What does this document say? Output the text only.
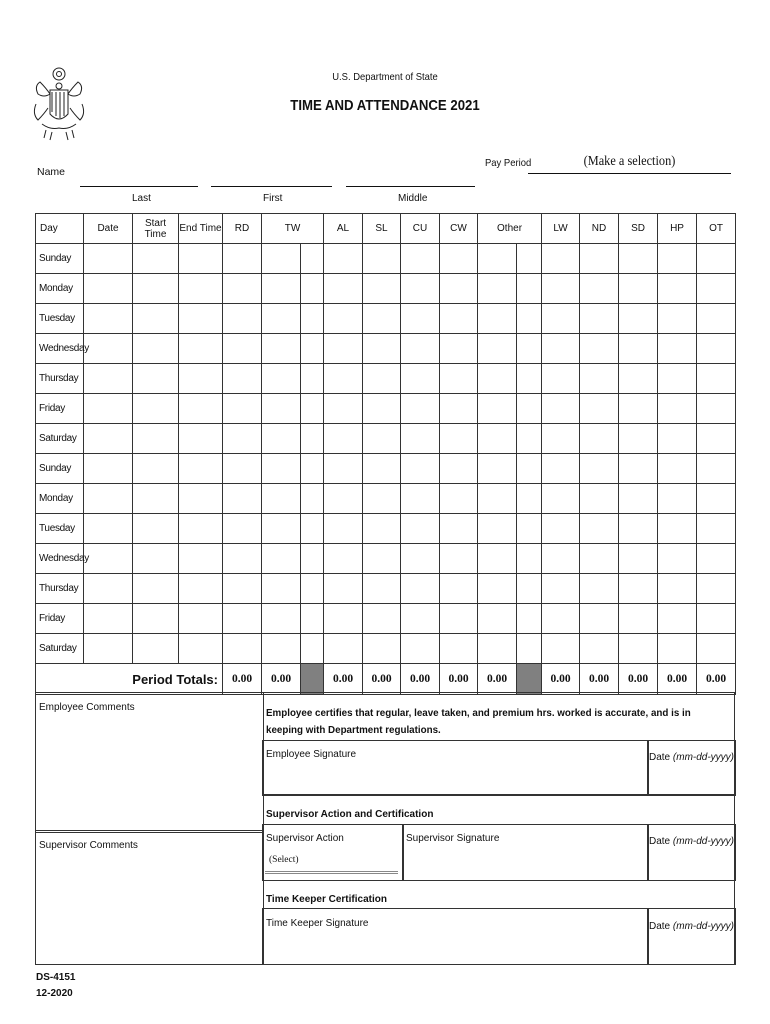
U.S. Department of State
TIME AND ATTENDANCE 2021
Name
Last	First	Middle
Pay Period	(Make a selection)
Day	Date	Start Time	End Time	RD	TW		AL	SL	CU	CW	Other		LW	ND	SD	HP	OT
Sunday																	
Monday																	
Tuesday																	
Wednesday																	
Thursday																	
Friday																	
Saturday																	
Sunday																	
Monday																	
Tuesday																	
Wednesday																	
Thursday																	
Friday																	
Saturday																	
Period Totals:				0.00	0.00		0.00	0.00	0.00	0.00	0.00		0.00	0.00	0.00	0.00	0.00
Employee Comments
Supervisor Comments
Employee certifies that regular, leave taken, and premium hrs. worked is accurate, and is in keeping with Department regulations.
Employee Signature	Date (mm-dd-yyyy)
Supervisor Action and Certification
Supervisor Action
(Select)
Supervisor Signature	Date (mm-dd-yyyy)
Time Keeper Certification
Time Keeper Signature	Date (mm-dd-yyyy)
DS-4151
12-2020
